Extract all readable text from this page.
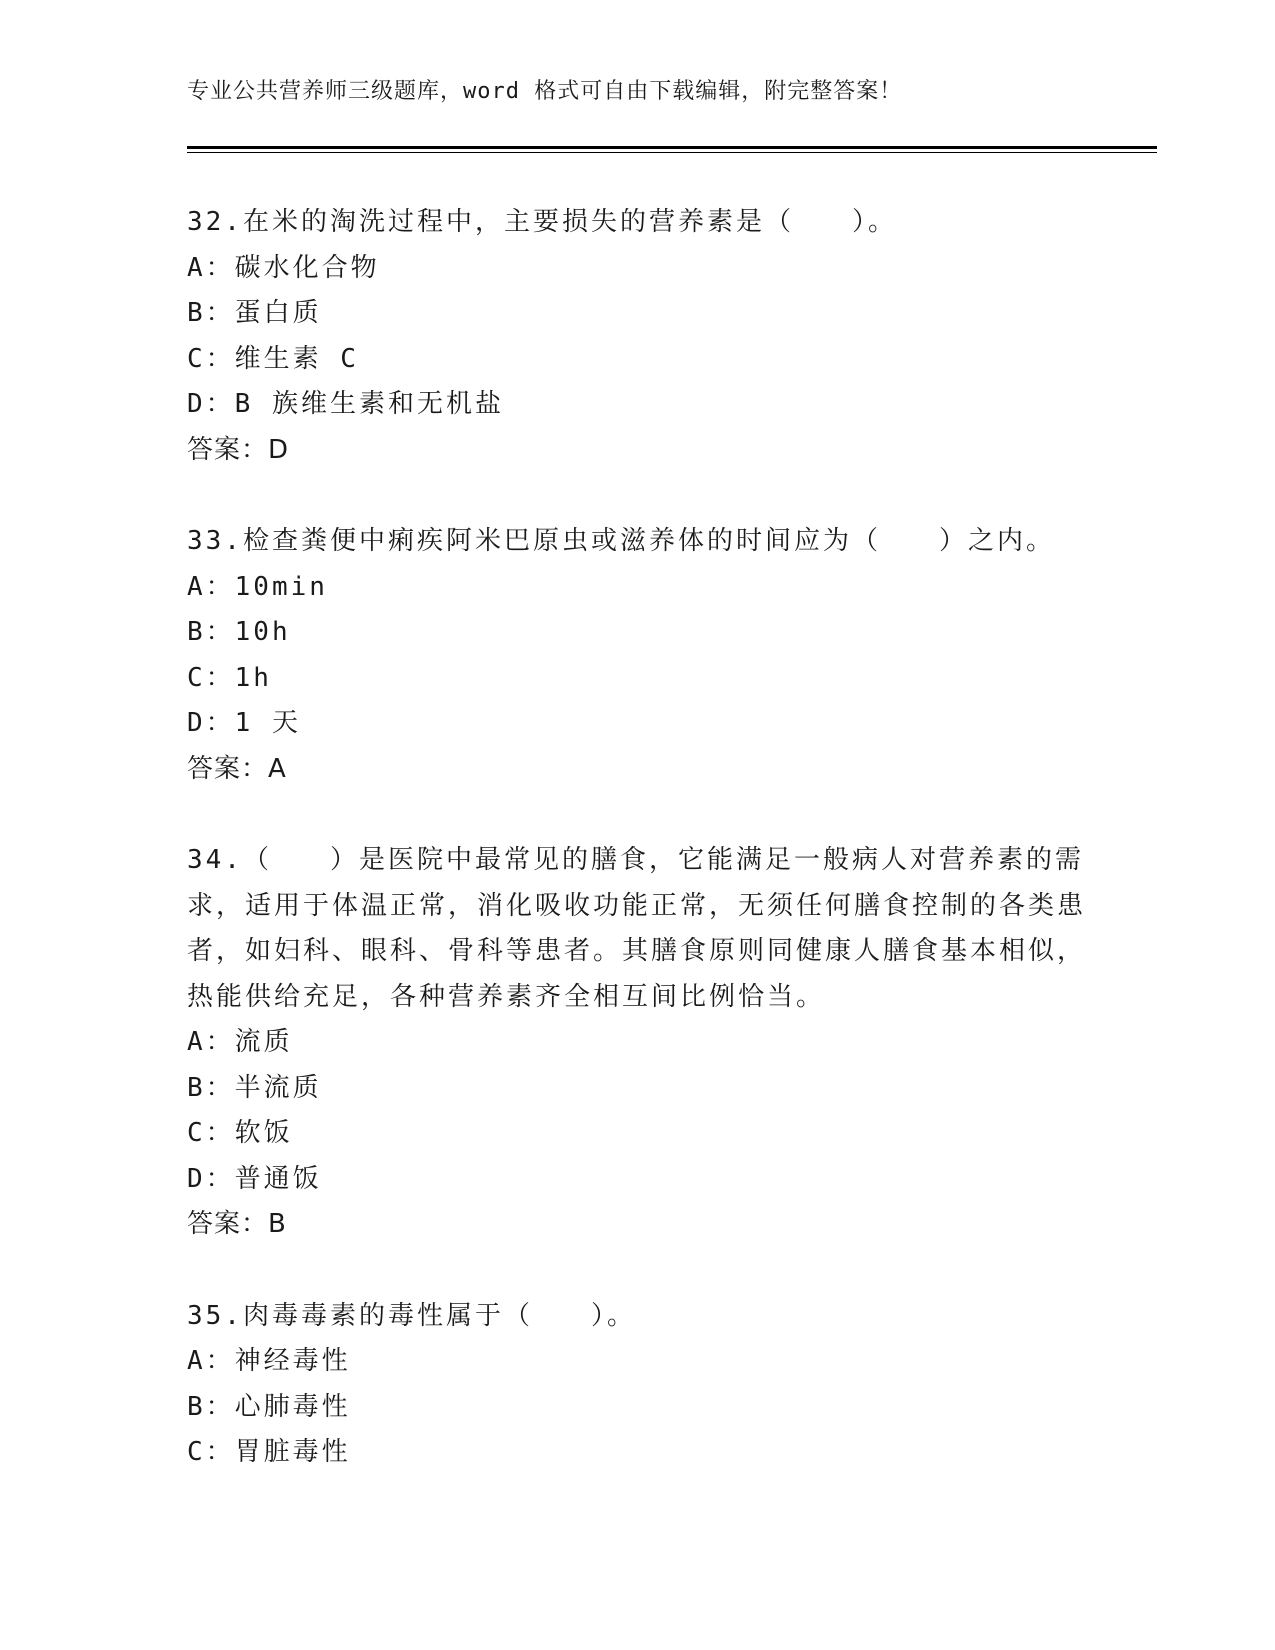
专业公共营养师三级题库，word 格式可自由下载编辑，附完整答案！
32.在米的淘洗过程中，主要损失的营养素是（　　）。
A：碳水化合物
B：蛋白质
C：维生素 C
D：B 族维生素和无机盐
答案：D
33.检查粪便中痢疾阿米巴原虫或滋养体的时间应为（　　）之内。
A：10min
B：10h
C：1h
D：1 天
答案：A
34.（　　）是医院中最常见的膳食，它能满足一般病人对营养素的需求，适用于体温正常，消化吸收功能正常，无须任何膳食控制的各类患者，如妇科、眼科、骨科等患者。其膳食原则同健康人膳食基本相似，热能供给充足，各种营养素齐全相互间比例恰当。
A：流质
B：半流质
C：软饭
D：普通饭
答案：B
35.肉毒毒素的毒性属于（　　）。
A：神经毒性
B：心肺毒性
C：胃脏毒性
